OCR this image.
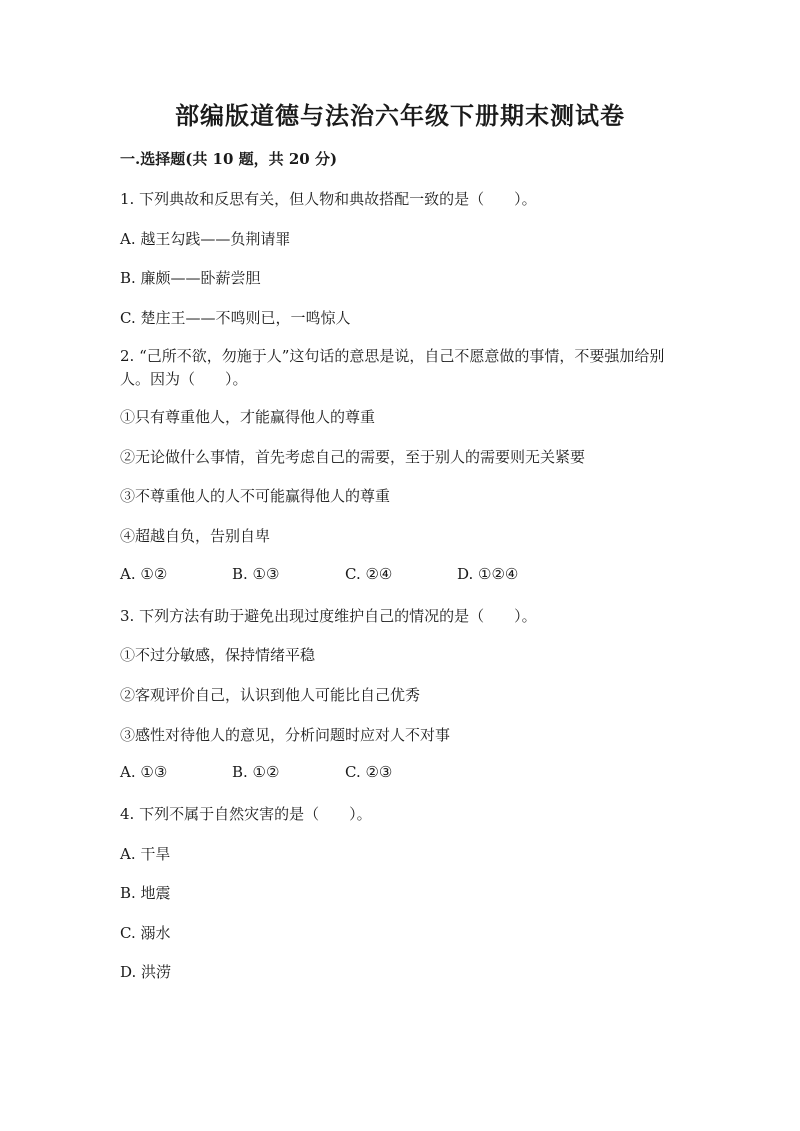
部编版道德与法治六年级下册期末测试卷
一.选择题(共 10 题，共 20 分)
1. 下列典故和反思有关，但人物和典故搭配一致的是（　　）。
A. 越王勾践——负荆请罪
B. 廉颇——卧薪尝胆
C. 楚庄王——不鸣则已，一鸣惊人
2. “己所不欲，勿施于人”这句话的意思是说，自己不愿意做的事情，不要强加给别人。因为（　　）。
①只有尊重他人，才能赢得他人的尊重
②无论做什么事情，首先考虑自己的需要，至于别人的需要则无关紧要
③不尊重他人的人不可能赢得他人的尊重
④超越自负，告别自卑
A. ①②	B. ①③	C. ②④	D. ①②④
3. 下列方法有助于避免出现过度维护自己的情况的是（　　）。
①不过分敏感，保持情绪平稳
②客观评价自己，认识到他人可能比自己优秀
③感性对待他人的意见，分析问题时应对人不对事
A. ①③	B. ①②	C. ②③
4. 下列不属于自然灾害的是（　　）。
A. 干旱
B. 地震
C. 溺水
D. 洪涝
